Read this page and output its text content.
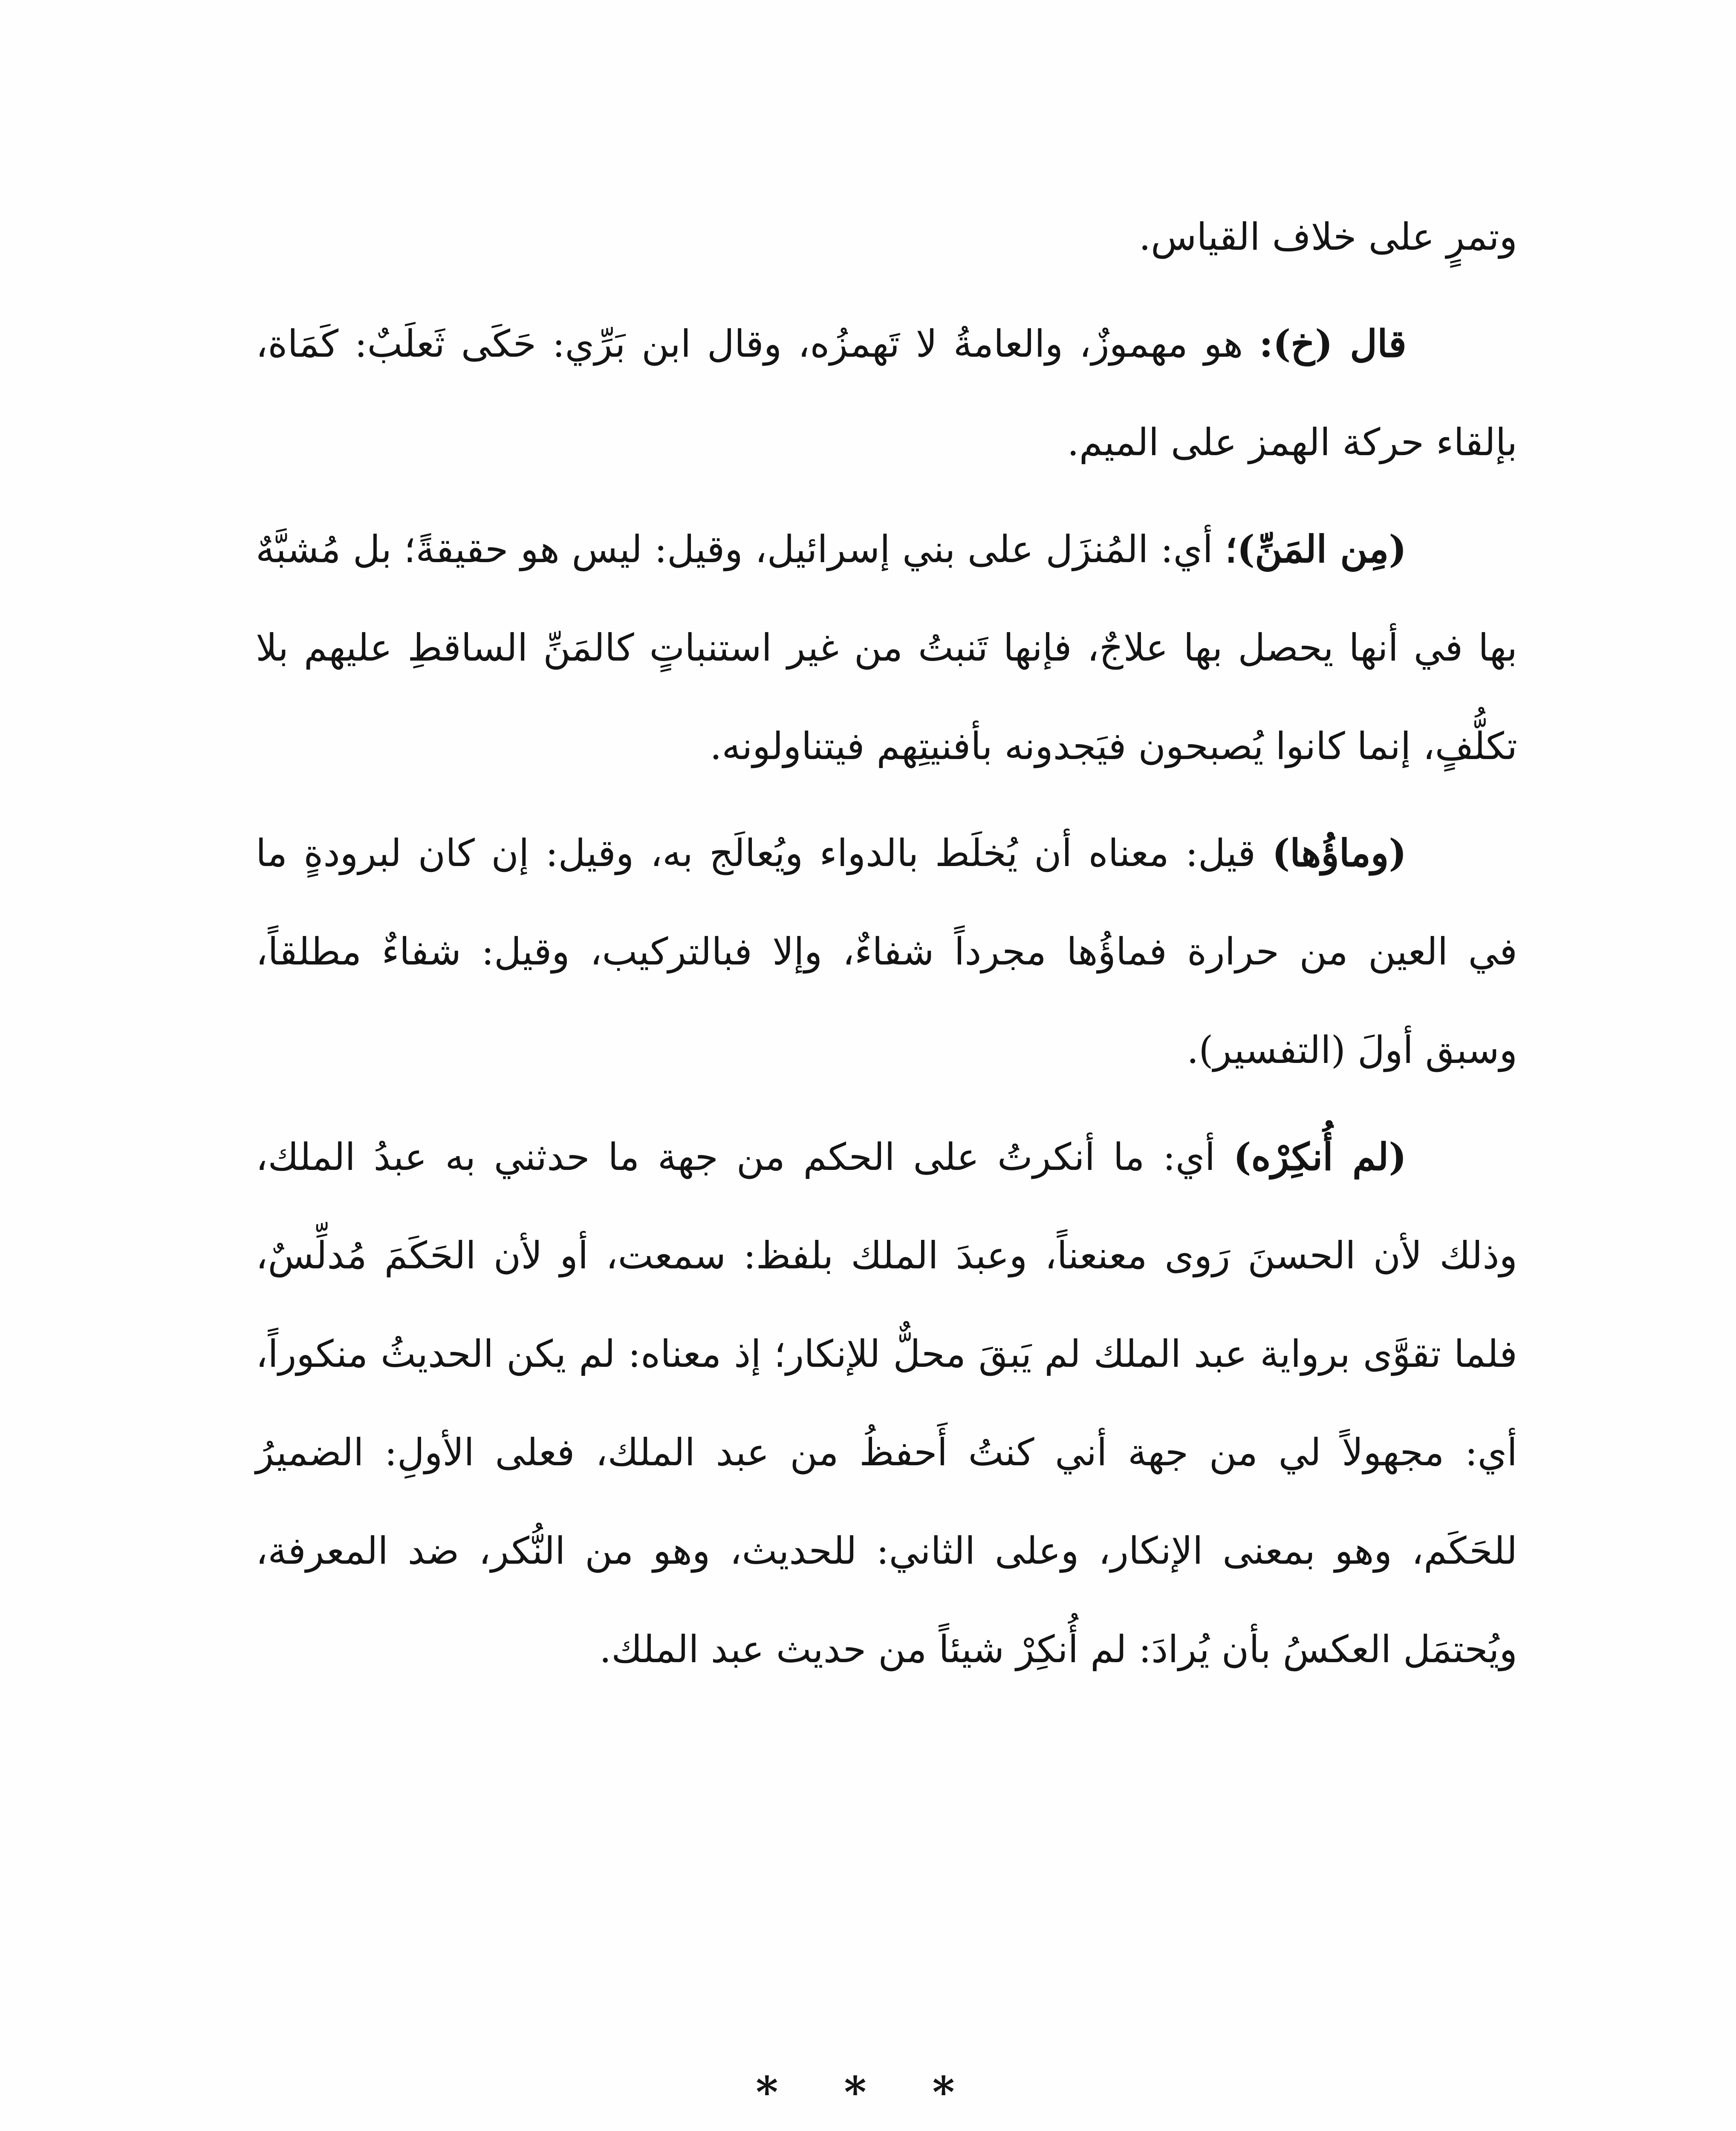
وتمرٍ على خلاف القياس.

قال (خ): هو مهموزٌ، والعامةُ لا تَهمزُه، وقال ابن بَرِّي: حَكَى ثَعلَبٌ: كَمَاة، بإلقاء حركة الهمز على الميم.

(مِن المَنِّ)؛ أي: المُنزَل على بني إسرائيل، وقيل: ليس هو حقيقةً؛ بل مُشبَّهٌ بها في أنها يحصل بها علاجٌ، فإنها تَنبتُ من غير استنباتٍ كالمَنِّ الساقطِ عليهم بلا تكلُّفٍ، إنما كانوا يُصبحون فيَجدونه بأفنيتِهم فيتناولونه.

(وماؤُها) قيل: معناه أن يُخلَط بالدواء ويُعالَج به، وقيل: إن كان لبرودةٍ ما في العين من حرارة فماؤُها مجرداً شفاءٌ، وإلا فبالتركيب، وقيل: شفاءٌ مطلقاً، وسبق أولَ (التفسير).

(لم أُنكِرْه) أي: ما أنكرتُ على الحكم من جهة ما حدثني به عبدُ الملك، وذلك لأن الحسنَ رَوى معنعناً، وعبدَ الملك بلفظ: سمعت، أو لأن الحَكَمَ مُدلِّسٌ، فلما تقوَّى برواية عبد الملك لم يَبقَ محلٌّ للإنكار؛ إذ معناه: لم يكن الحديثُ منكوراً، أي: مجهولاً لي من جهة أني كنتُ أَحفظُ من عبد الملك، فعلى الأولِ: الضميرُ للحَكَم، وهو بمعنى الإنكار، وعلى الثاني: للحديث، وهو من النُّكر، ضد المعرفة، ويُحتمَل العكسُ بأن يُرادَ: لم أُنكِرْ شيئاً من حديث عبد الملك.

* * *
